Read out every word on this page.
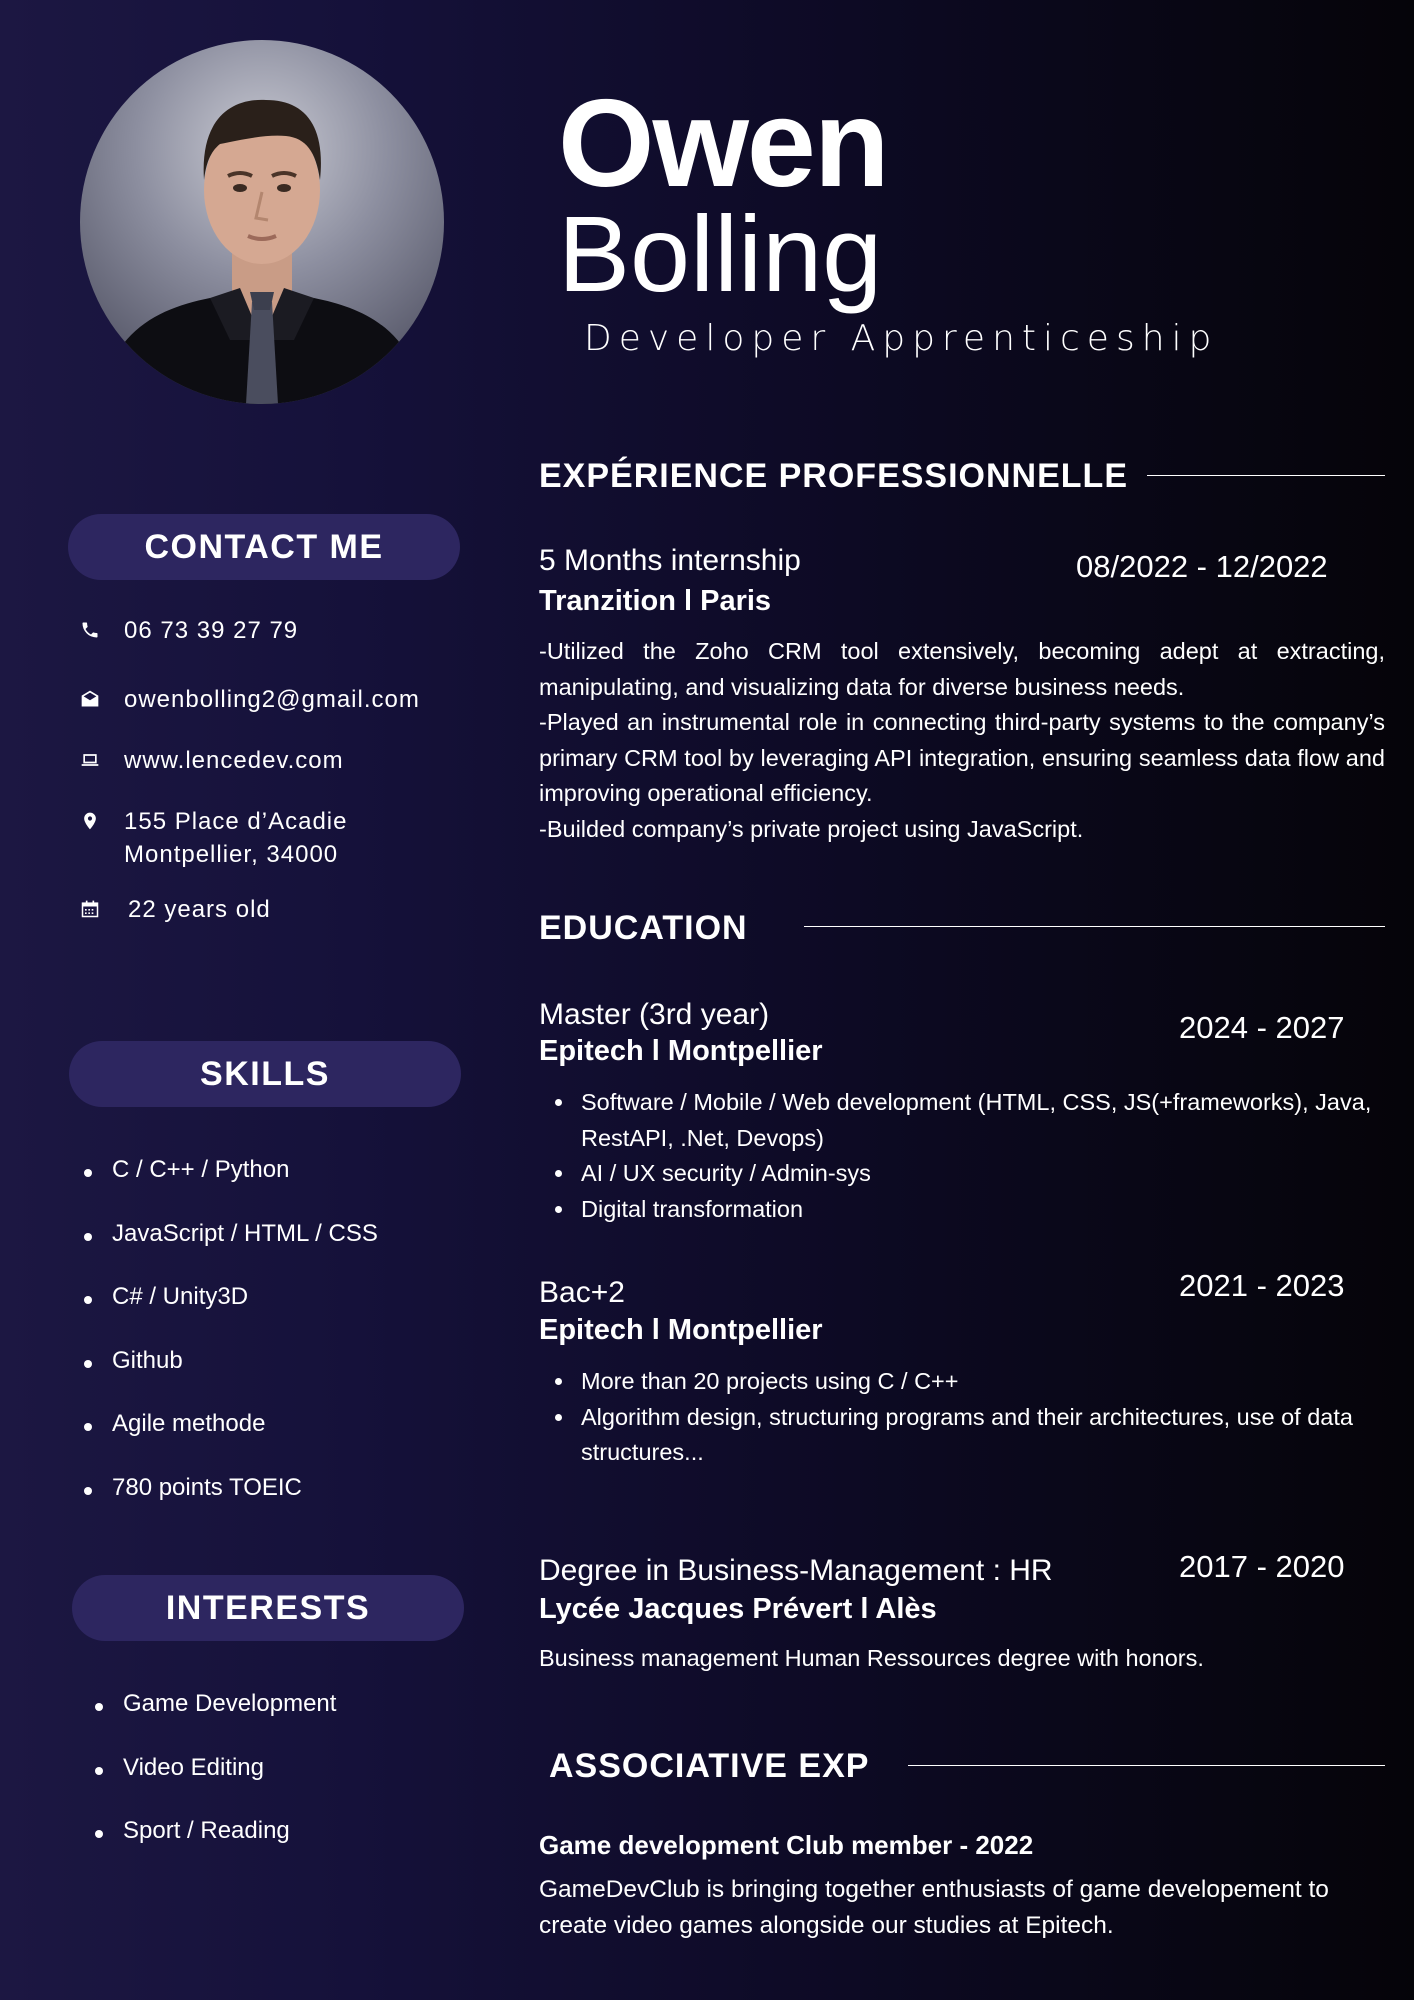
Owen
Bolling
Developer Apprenticeship
CONTACT ME
06 73 39 27 79
owenbolling2@gmail.com
www.lencedev.com
155 Place d’Acadie
Montpellier, 34000
22 years old
SKILLS
C / C++ / Python
JavaScript / HTML / CSS
C# / Unity3D
Github
Agile methode
780 points TOEIC
INTERESTS
Game Development
Video Editing
Sport / Reading
EXPÉRIENCE PROFESSIONNELLE
5 Months internship	08/2022 - 12/2022
Tranzition l Paris
-Utilized the Zoho CRM tool extensively, becoming adept at extracting, manipulating, and visualizing data for diverse business needs.
-Played an instrumental role in connecting third-party systems to the company’s primary CRM tool by leveraging API integration, ensuring seamless data flow and improving operational efficiency.
-Builded company’s private project using JavaScript.
EDUCATION
Master (3rd year)	2024 - 2027
Epitech l Montpellier
Software / Mobile / Web development (HTML, CSS, JS(+frameworks), Java, RestAPI, .Net, Devops)
AI / UX security / Admin-sys
Digital transformation
Bac+2	2021 - 2023
Epitech l Montpellier
More than 20 projects using C / C++
Algorithm design, structuring programs and their architectures, use of data structures...
Degree in Business-Management : HR	2017 - 2020
Lycée Jacques Prévert l Alès
Business management Human Ressources degree with honors.
ASSOCIATIVE EXP
Game development Club member - 2022
GameDevClub is bringing together enthusiasts of game developement to create video games alongside our studies at Epitech.
